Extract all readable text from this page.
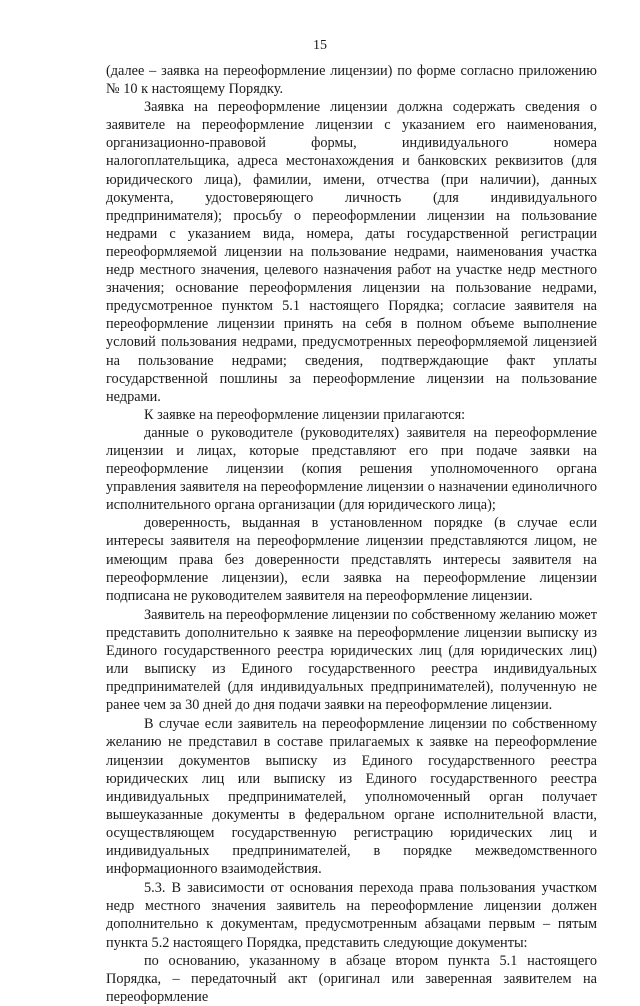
15

(далее – заявка на переоформление лицензии) по форме согласно приложению № 10 к настоящему Порядку.

Заявка на переоформление лицензии должна содержать сведения о заявителе на переоформление лицензии с указанием его наименования, организационно-правовой формы, индивидуального номера налогоплательщика, адреса местонахождения и банковских реквизитов (для юридического лица), фамилии, имени, отчества (при наличии), данных документа, удостоверяющего личность (для индивидуального предпринимателя); просьбу о переоформлении лицензии на пользование недрами с указанием вида, номера, даты государственной регистрации переоформляемой лицензии на пользование недрами, наименования участка недр местного значения, целевого назначения работ на участке недр местного значения; основание переоформления лицензии на пользование недрами, предусмотренное пунктом 5.1 настоящего Порядка; согласие заявителя на переоформление лицензии принять на себя в полном объеме выполнение условий пользования недрами, предусмотренных переоформляемой лицензией на пользование недрами; сведения, подтверждающие факт уплаты государственной пошлины за переоформление лицензии на пользование недрами.

К заявке на переоформление лицензии прилагаются:

данные о руководителе (руководителях) заявителя на переоформление лицензии и лицах, которые представляют его при подаче заявки на переоформление лицензии (копия решения уполномоченного органа управления заявителя на переоформление лицензии о назначении единоличного исполнительного органа организации (для юридического лица);

доверенность, выданная в установленном порядке (в случае если интересы заявителя на переоформление лицензии представляются лицом, не имеющим права без доверенности представлять интересы заявителя на переоформление лицензии), если заявка на переоформление лицензии подписана не руководителем заявителя на переоформление лицензии.

Заявитель на переоформление лицензии по собственному желанию может представить дополнительно к заявке на переоформление лицензии выписку из Единого государственного реестра юридических лиц (для юридических лиц) или выписку из Единого государственного реестра индивидуальных предпринимателей (для индивидуальных предпринимателей), полученную не ранее чем за 30 дней до дня подачи заявки на переоформление лицензии.

В случае если заявитель на переоформление лицензии по собственному желанию не представил в составе прилагаемых к заявке на переоформление лицензии документов выписку из Единого государственного реестра юридических лиц или выписку из Единого государственного реестра индивидуальных предпринимателей, уполномоченный орган получает вышеуказанные документы в федеральном органе исполнительной власти, осуществляющем государственную регистрацию юридических лиц и индивидуальных предпринимателей, в порядке межведомственного информационного взаимодействия.

5.3. В зависимости от основания перехода права пользования участком недр местного значения заявитель на переоформление лицензии должен дополнительно к документам, предусмотренным абзацами первым – пятым пункта 5.2 настоящего Порядка, представить следующие документы:

по основанию, указанному в абзаце втором пункта 5.1 настоящего Порядка, – передаточный акт (оригинал или заверенная заявителем на переоформление
